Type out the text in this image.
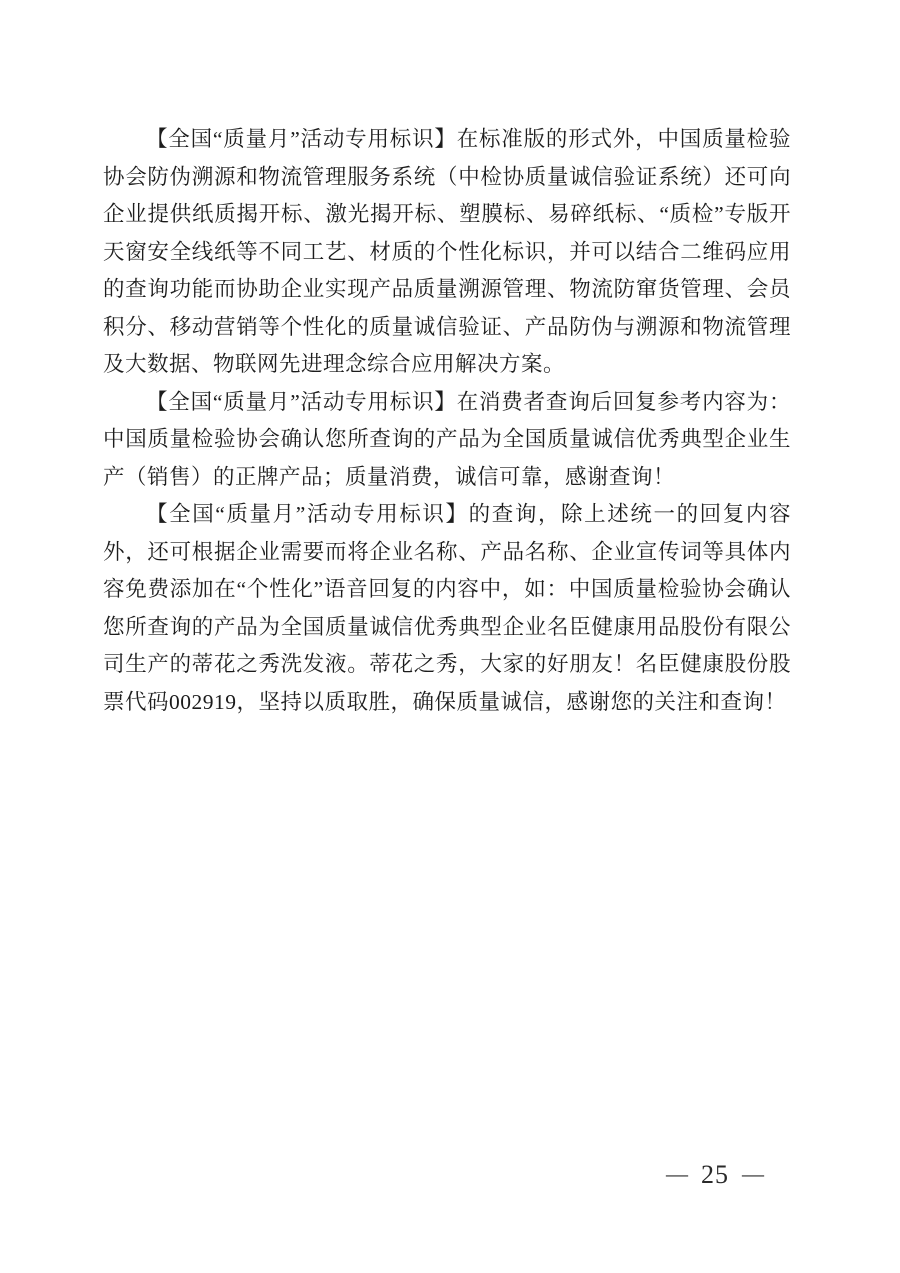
【全国“质量月”活动专用标识】在标准版的形式外，中国质量检验协会防伪溯源和物流管理服务系统（中检协质量诚信验证系统）还可向企业提供纸质揭开标、激光揭开标、塑膜标、易碎纸标、“质检”专版开天窗安全线纸等不同工艺、材质的个性化标识，并可以结合二维码应用的查询功能而协助企业实现产品质量溯源管理、物流防窜货管理、会员积分、移动营销等个性化的质量诚信验证、产品防伪与溯源和物流管理及大数据、物联网先进理念综合应用解决方案。

【全国“质量月”活动专用标识】在消费者查询后回复参考内容为：中国质量检验协会确认您所查询的产品为全国质量诚信优秀典型企业生产（销售）的正牌产品；质量消费，诚信可靠，感谢查询！

【全国“质量月”活动专用标识】的查询，除上述统一的回复内容外，还可根据企业需要而将企业名称、产品名称、企业宣传词等具体内容免费添加在“个性化”语音回复的内容中，如：中国质量检验协会确认您所查询的产品为全国质量诚信优秀典型企业名臣健康用品股份有限公司生产的蒂花之秀洗发液。蒂花之秀，大家的好朋友！名臣健康股份股票代码002919，坚持以质取胜，确保质量诚信，感谢您的关注和查询！

— 25 —
